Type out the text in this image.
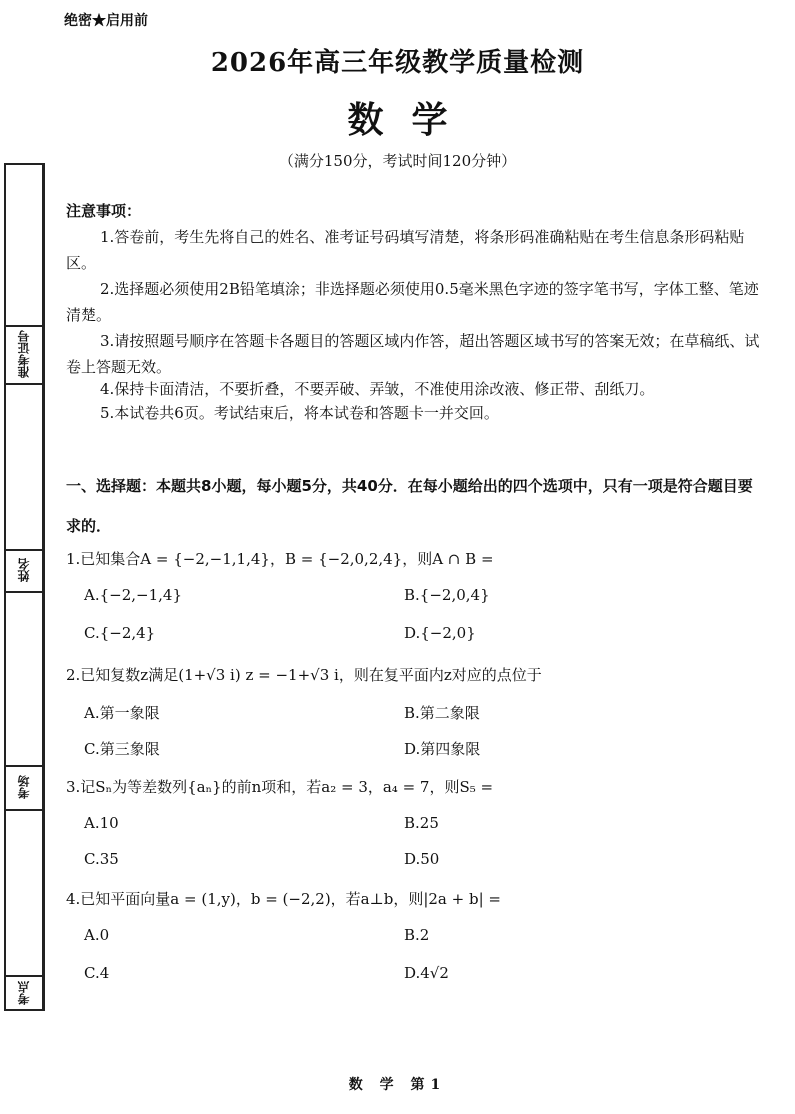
绝密★启用前
2026年高三年级教学质量检测
数学
（满分150分，考试时间120分钟）
准考证号
姓名
考场
考点
注意事项：
1.答卷前，考生先将自己的姓名、准考证号码填写清楚，将条形码准确粘贴在考生信息条形码粘贴区。
2.选择题必须使用2B铅笔填涂；非选择题必须使用0.5毫米黑色字迹的签字笔书写，字体工整、笔迹清楚。
3.请按照题号顺序在答题卡各题目的答题区域内作答，超出答题区域书写的答案无效；在草稿纸、试卷上答题无效。
4.保持卡面清洁，不要折叠，不要弄破、弄皱，不准使用涂改液、修正带、刮纸刀。
5.本试卷共6页。考试结束后，将本试卷和答题卡一并交回。
一、选择题：本题共8小题，每小题5分，共40分．在每小题给出的四个选项中，只有一项是符合题目要求的．
1.已知集合A = {−2,−1,1,4}，B = {−2,0,2,4}，则A ∩ B =
A.{−2,−1,4}	B.{−2,0,4}
C.{−2,4}	D.{−2,0}
2.已知复数z满足(1+√3 i) z = −1+√3 i，则在复平面内z对应的点位于
A.第一象限	B.第二象限
C.第三象限	D.第四象限
3.记Sₙ为等差数列{aₙ}的前n项和，若a₂ = 3，a₄ = 7，则S₅ =
A.10	B.25
C.35	D.50
4.已知平面向量a = (1,y)，b = (−2,2)，若a⊥b，则|2a + b| =
A.0	B.2
C.4	D.4√2
数 学 第1
